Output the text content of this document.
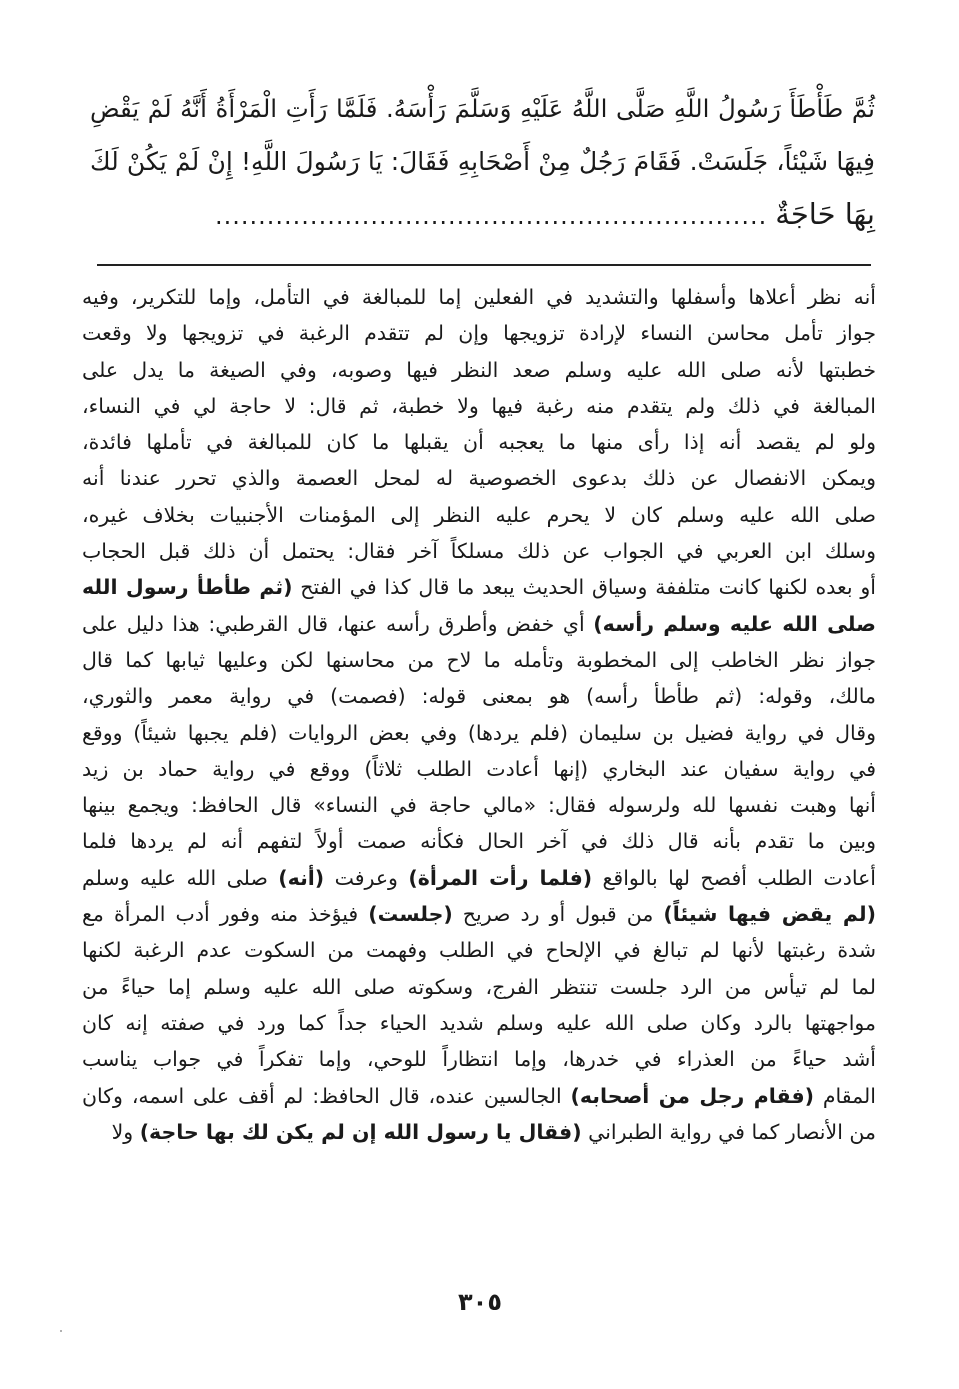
ثُمَّ طَأْطَأَ رَسُولُ اللَّهِ صَلَّى اللَّهُ عَلَيْهِ وَسَلَّمَ رَأْسَهُ. فَلَمَّا رَأَتِ الْمَرْأَةُ أَنَّهُ لَمْ يَقْضِ
فِيهَا شَيْئاً، جَلَسَتْ. فَقَامَ رَجُلٌ مِنْ أَصْحَابِهِ فَقَالَ: يَا رَسُولَ اللَّهِ! إِنْ لَمْ يَكُنْ لَكَ
بِهَا حَاجَةٌ................................................................
أنه نظر أعلاها وأسفلها والتشديد في الفعلين إما للمبالغة في التأمل، وإما للتكرير، وفيه
جواز تأمل محاسن النساء لإرادة تزويجها وإن لم تتقدم الرغبة في تزويجها ولا وقعت
خطبتها لأنه صلى الله عليه وسلم صعد النظر فيها وصوبه، وفي الصيغة ما يدل على
المبالغة في ذلك ولم يتقدم منه رغبة فيها ولا خطبة، ثم قال: لا حاجة لي في النساء،
ولو لم يقصد أنه إذا رأى منها ما يعجبه أن يقبلها ما كان للمبالغة في تأملها فائدة،
ويمكن الانفصال عن ذلك بدعوى الخصوصية له لمحل العصمة والذي تحرر عندنا أنه
صلى الله عليه وسلم كان لا يحرم عليه النظر إلى المؤمنات الأجنبيات بخلاف غيره،
وسلك ابن العربي في الجواب عن ذلك مسلكاً آخر فقال: يحتمل أن ذلك قبل الحجاب
أو بعده لكنها كانت متلففة وسياق الحديث يبعد ما قال كذا في الفتح (ثم طأطأ رسول الله
صلى الله عليه وسلم رأسه) أي خفض وأطرق رأسه عنها، قال القرطبي: هذا دليل على
جواز نظر الخاطب إلى المخطوبة وتأمله ما لاح من محاسنها لكن وعليها ثيابها كما قال
مالك، وقوله: (ثم طأطأ رأسه) هو بمعنى قوله: (فصمت) في رواية معمر والثوري،
وقال في رواية فضيل بن سليمان (فلم يردها) وفي بعض الروايات (فلم يجبها شيئاً) ووقع
في رواية سفيان عند البخاري (إنها أعادت الطلب ثلاثاً) ووقع في رواية حماد بن زيد
أنها وهبت نفسها لله ولرسوله فقال: «مالي حاجة في النساء» قال الحافظ: ويجمع بينها
وبين ما تقدم بأنه قال ذلك في آخر الحال فكأنه صمت أولاً لتفهم أنه لم يردها فلما
أعادت الطلب أفصح لها بالواقع (فلما رأت المرأة) وعرفت (أنه) صلى الله عليه وسلم
(لم يقض فيها شيئاً) من قبول أو رد صريح (جلست) فيؤخذ منه وفور أدب المرأة مع
شدة رغبتها لأنها لم تبالغ في الإلحاح في الطلب وفهمت من السكوت عدم الرغبة لكنها
لما لم تيأس من الرد جلست تنتظر الفرج، وسكوته صلى الله عليه وسلم إما حياءً من
مواجهتها بالرد وكان صلى الله عليه وسلم شديد الحياء جداً كما ورد في صفته إنه كان
أشد حياءً من العذراء في خدرها، وإما انتظاراً للوحي، وإما تفكراً في جواب يناسب
المقام (فقام رجل من أصحابه) الجالسين عنده، قال الحافظ: لم أقف على اسمه، وكان
من الأنصار كما في رواية الطبراني (فقال يا رسول الله إن لم يكن لك بها حاجة) ولا
٣٠٥
